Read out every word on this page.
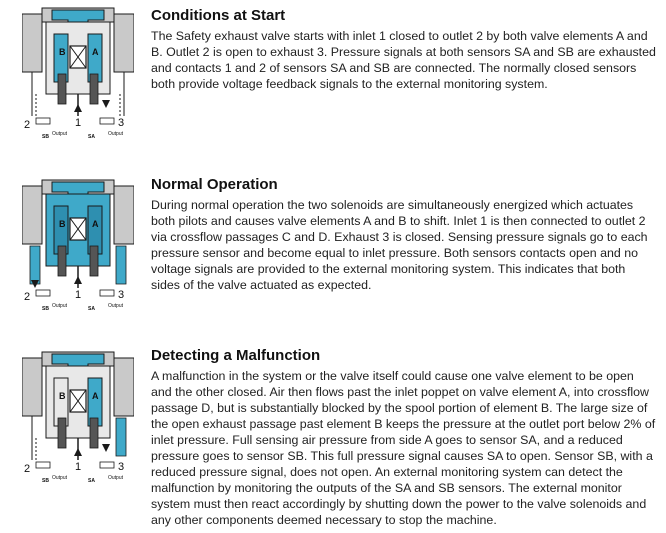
B	A
2	1	3
SB	SA
Output	Output
Conditions at Start

The Safety exhaust valve starts with inlet 1 closed to outlet 2 by both valve elements A and B. Outlet 2 is open to exhaust 3. Pressure signals at both sensors SA and SB are exhausted and contacts 1 and 2 of sensors SA and SB are connected. The normally closed sensors both provide voltage feedback signals to the external monitoring system.

B	A
2	1	3
SB	SA
Output	Output
Normal Operation

During normal operation the two solenoids are simultaneously energized which actuates both pilots and causes valve elements A and B to shift. Inlet 1 is then connected to outlet 2 via crossflow passages C and D. Exhaust 3 is closed. Sensing pressure signals go to each pressure sensor and become equal to inlet pressure. Both sensors contacts open and no voltage signals are provided to the external monitoring system. This indicates that both sides of the valve actuated as expected.

B	A
2	1	3
SB	SA
Output	Output
Detecting a Malfunction

A malfunction in the system or the valve itself could cause one valve element to be open and the other closed. Air then flows past the inlet poppet on valve element A, into crossflow passage D, but is substantially blocked by the spool portion of element B. The large size of the open exhaust passage past element B keeps the pressure at the outlet port below 2% of inlet pressure. Full sensing air pressure from side A goes to sensor SA, and a reduced pressure goes to sensor SB. This full pressure signal causes SA to open. Sensor SB, with a reduced pressure signal, does not open. An external monitoring system can detect the malfunction by monitoring the outputs of the SA and SB sensors. The external monitor system must then react accordingly by shutting down the power to the valve solenoids and any other components deemed necessary to stop the machine.
